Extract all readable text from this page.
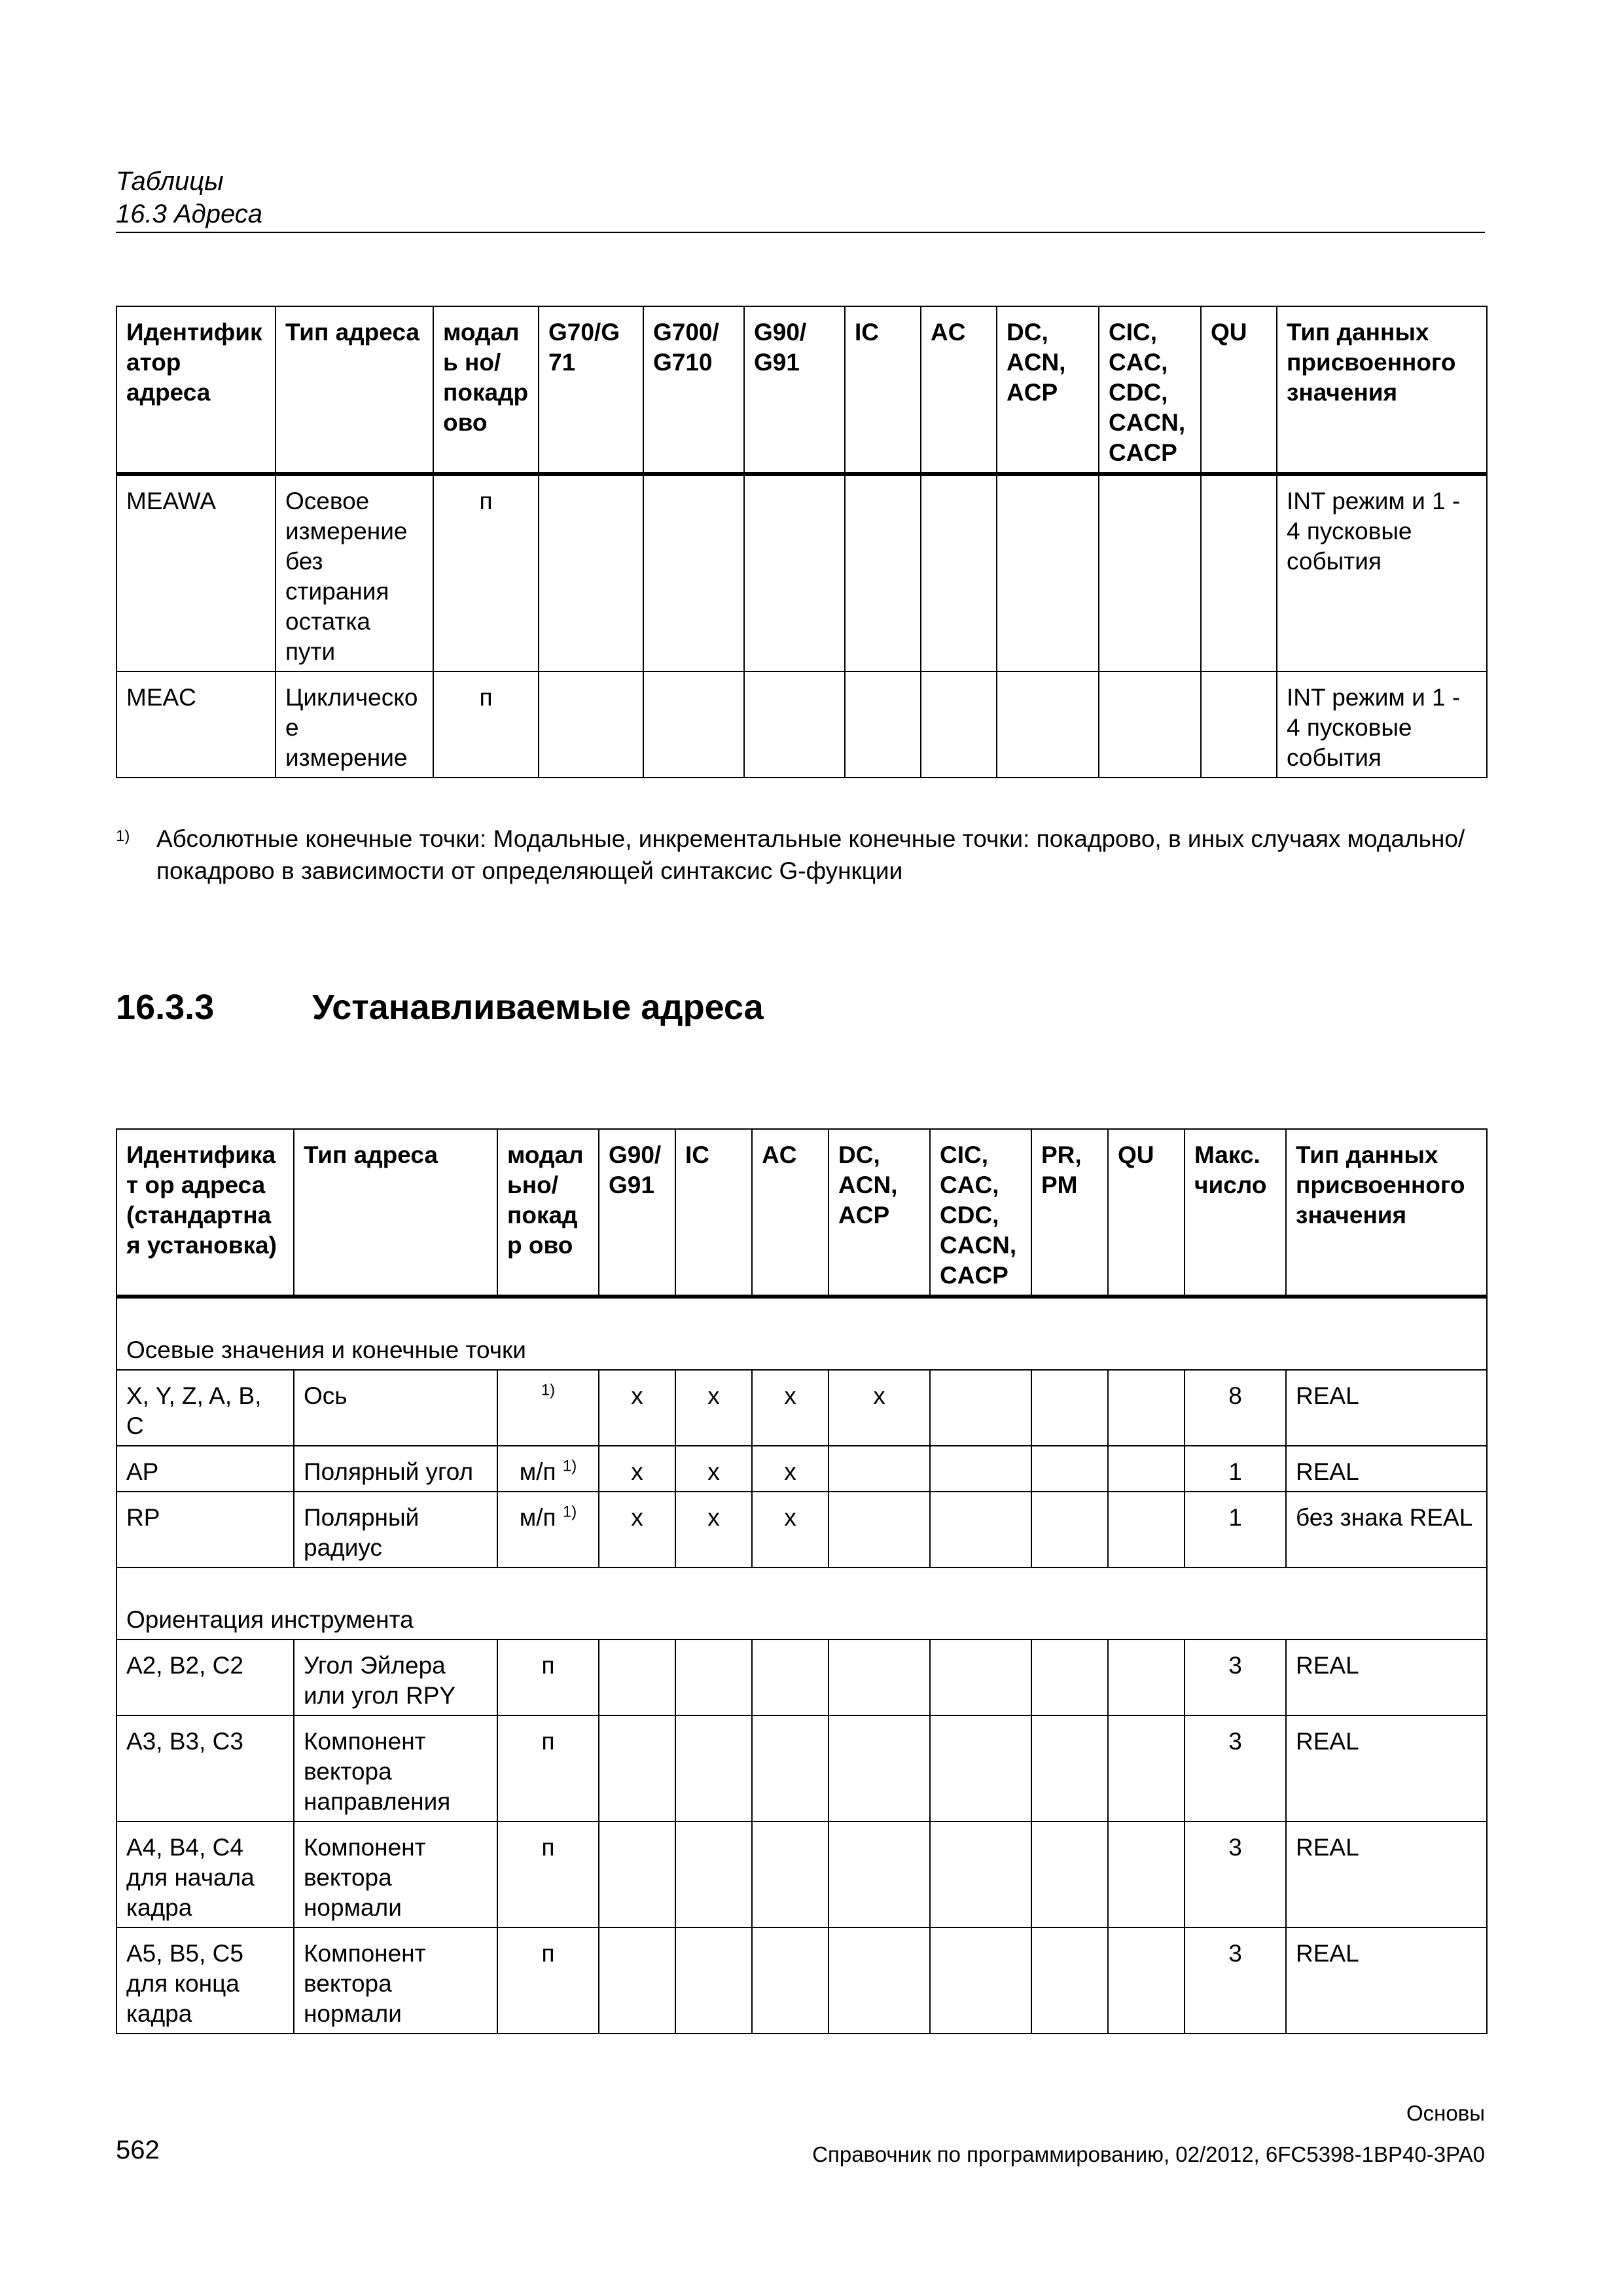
Таблицы
16.3 Адреса
Идентифик атор адреса	Тип адреса	модаль но/ покадр ово	G70/G 71	G700/ G710	G90/ G91	IC	AC	DC, ACN, ACP	CIC, CAC, CDC, CACN, CACP	QU	Тип данных присвоенного значения
MEAWA	Осевое измерение без стирания остатка пути	п									INT режим и 1 - 4 пусковые события
MEAC	Циклическо е измерение	п									INT режим и 1 - 4 пусковые события
1) Абсолютные конечные точки: Модальные, инкрементальные конечные точки: покадрово, в иных случаях модально/покадрово в зависимости от определяющей синтаксис G-функции
16.3.3	Устанавливаемые адреса
Идентификат ор адреса (стандартная установка)	Тип адреса	модал ьно/ покадр ово	G90/ G91	IC	AC	DC, ACN, ACP	CIC, CAC, CDC, CACN, CACP	PR, PM	QU	Макс. число	Тип данных присвоенного значения
Осевые значения и конечные точки											
X, Y, Z, A, B, C	Ось	$^{1)}$	x	x	x	x				8	REAL
AP	Полярный угол	м/п $^{1)}$	x	x	x					1	REAL
RP	Полярный радиус	м/п $^{1)}$	x	x	x					1	без знака REAL
Ориентация инструмента											
A2, B2, C2	Угол Эйлера или угол RPY	п								3	REAL
A3, B3, C3	Компонент вектора направления	п								3	REAL
A4, B4, C4 для начала кадра	Компонент вектора нормали	п								3	REAL
A5, B5, C5 для конца кадра	Компонент вектора нормали	п								3	REAL
Основы
562	Справочник по программированию, 02/2012, 6FC5398-1BP40-3PA0
